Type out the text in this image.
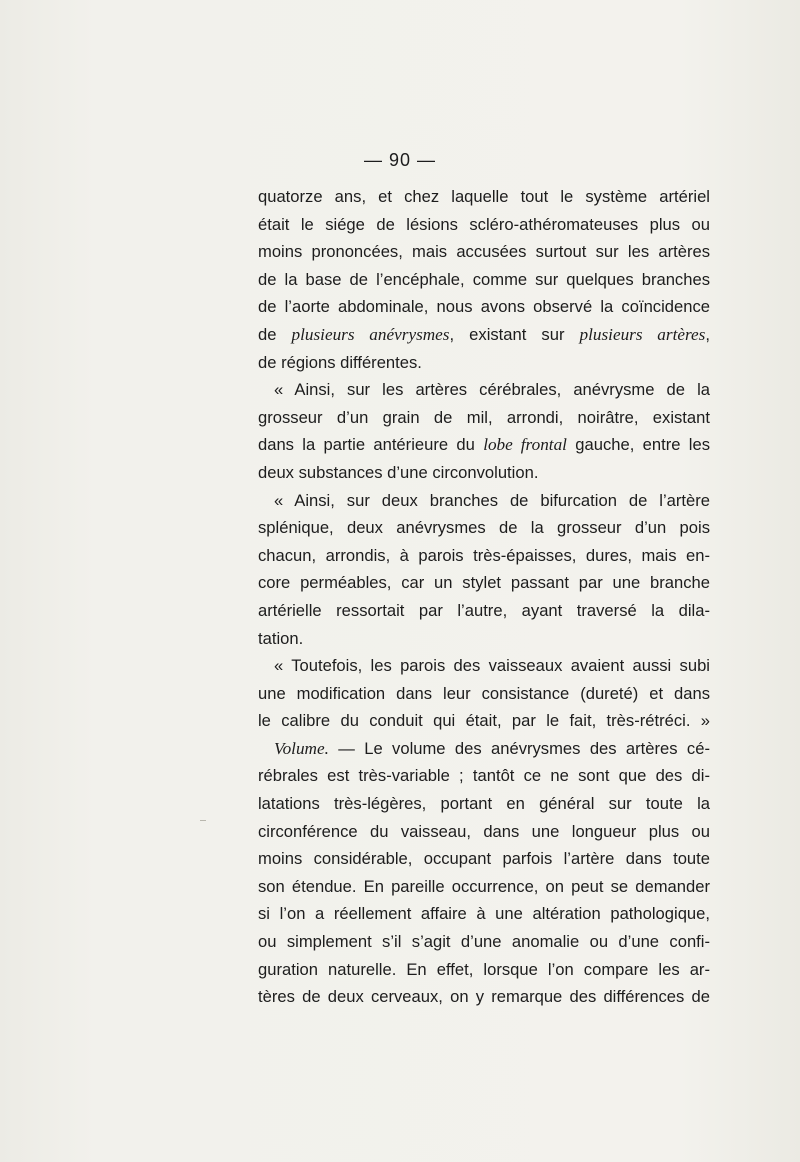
— 90 —
quatorze ans, et chez laquelle tout le système artériel
était le siége de lésions scléro-athéromateuses plus ou
moins prononcées, mais accusées surtout sur les artères
de la base de l’encéphale, comme sur quelques branches
de l’aorte abdominale, nous avons observé la coïncidence
de plusieurs anévrysmes, existant sur plusieurs artères,
de régions différentes.
« Ainsi, sur les artères cérébrales, anévrysme de la
grosseur d’un grain de mil, arrondi, noirâtre, existant
dans la partie antérieure du lobe frontal gauche, entre les
deux substances d’une circonvolution.
« Ainsi, sur deux branches de bifurcation de l’artère
splénique, deux anévrysmes de la grosseur d’un pois
chacun, arrondis, à parois très-épaisses, dures, mais en-
core perméables, car un stylet passant par une branche
artérielle ressortait par l’autre, ayant traversé la dila-
tation.
« Toutefois, les parois des vaisseaux avaient aussi subi
une modification dans leur consistance (dureté) et dans
le calibre du conduit qui était, par le fait, très-rétréci. »
Volume. — Le volume des anévrysmes des artères cé-
rébrales est très-variable ; tantôt ce ne sont que des di-
latations très-légères, portant en général sur toute la
circonférence du vaisseau, dans une longueur plus ou
moins considérable, occupant parfois l’artère dans toute
son étendue. En pareille occurrence, on peut se demander
si l’on a réellement affaire à une altération pathologique,
ou simplement s’il s’agit d’une anomalie ou d’une confi-
guration naturelle. En effet, lorsque l’on compare les ar-
tères de deux cerveaux, on y remarque des différences de
